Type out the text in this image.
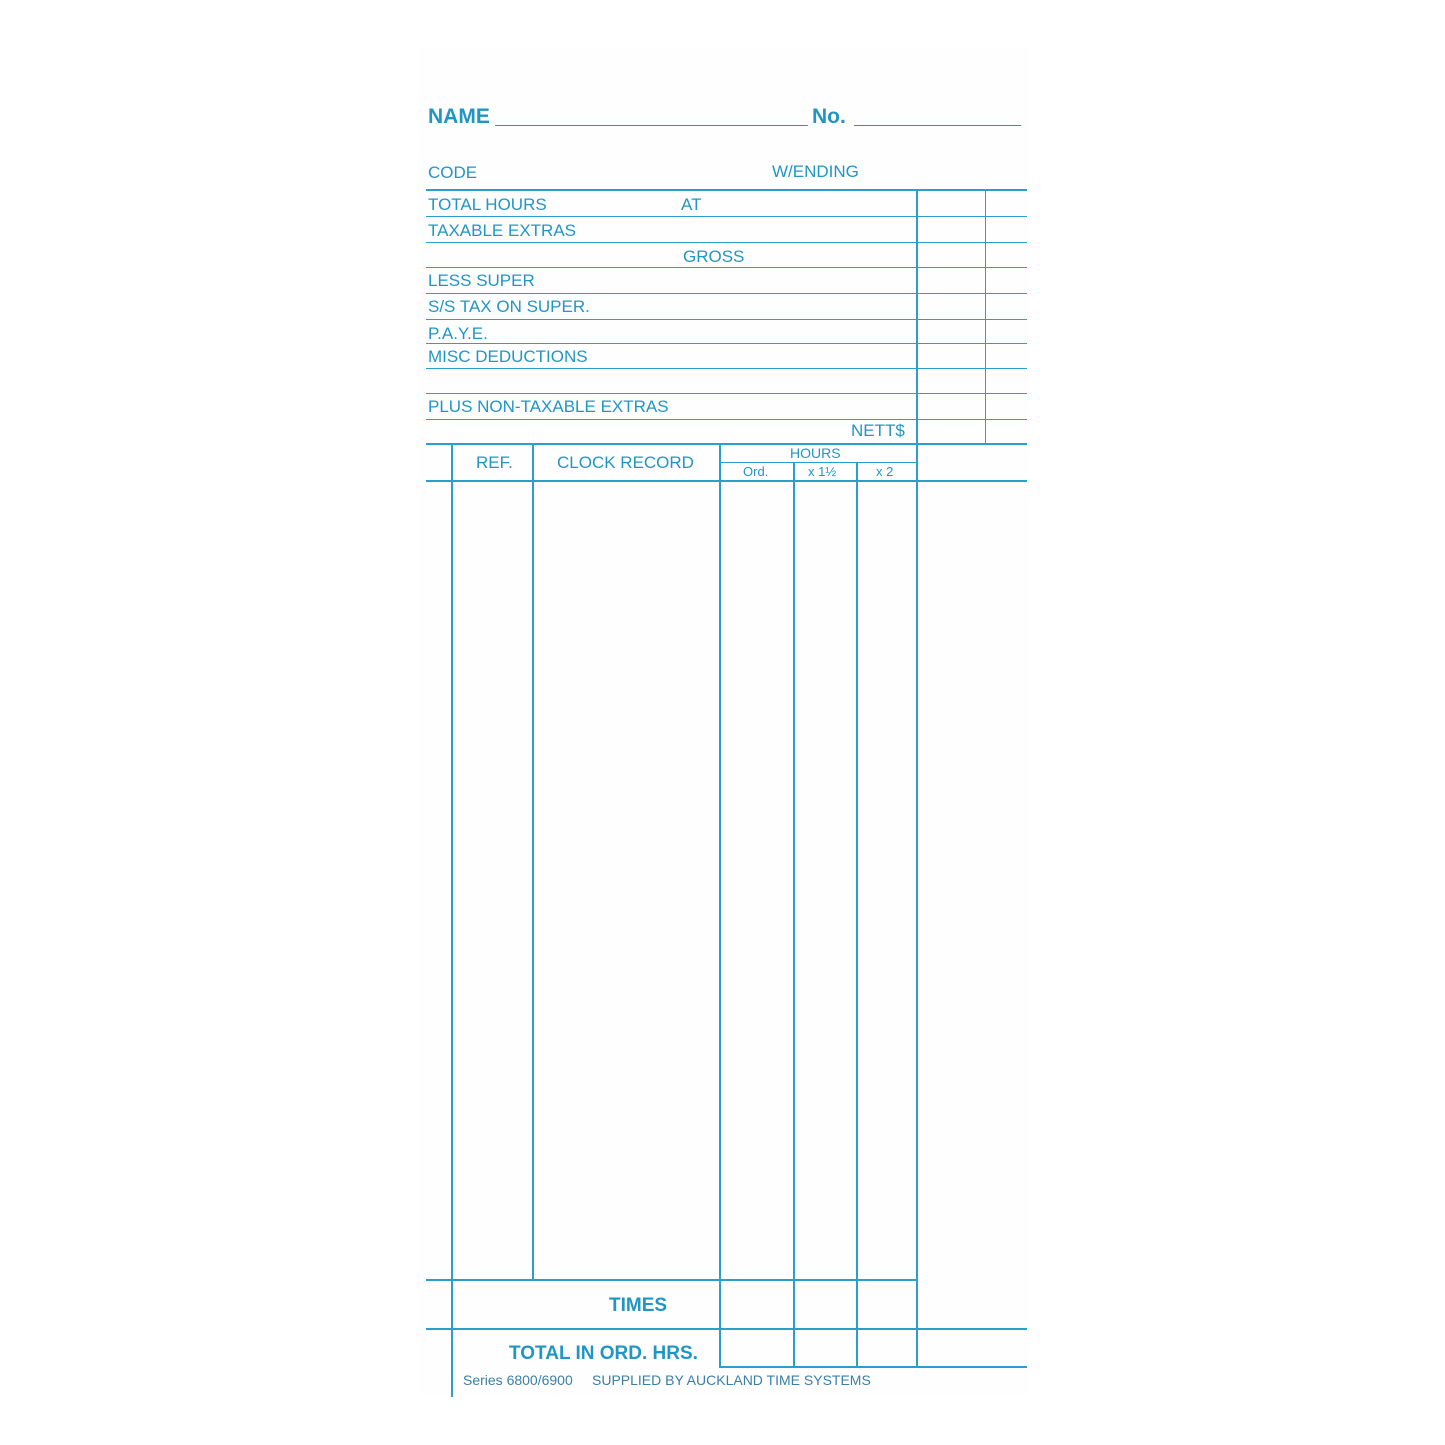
NAME	No.
CODE	W/ENDING
TOTAL HOURS	AT
TAXABLE EXTRAS
GROSS
LESS SUPER
S/S TAX ON SUPER.
P.A.Y.E.
MISC DEDUCTIONS
PLUS NON-TAXABLE EXTRAS
NETT$
REF.	CLOCK RECORD	HOURS
Ord.	x 1½	x 2
TIMES
TOTAL IN ORD. HRS.
Series 6800/6900 SUPPLIED BY AUCKLAND TIME SYSTEMS
